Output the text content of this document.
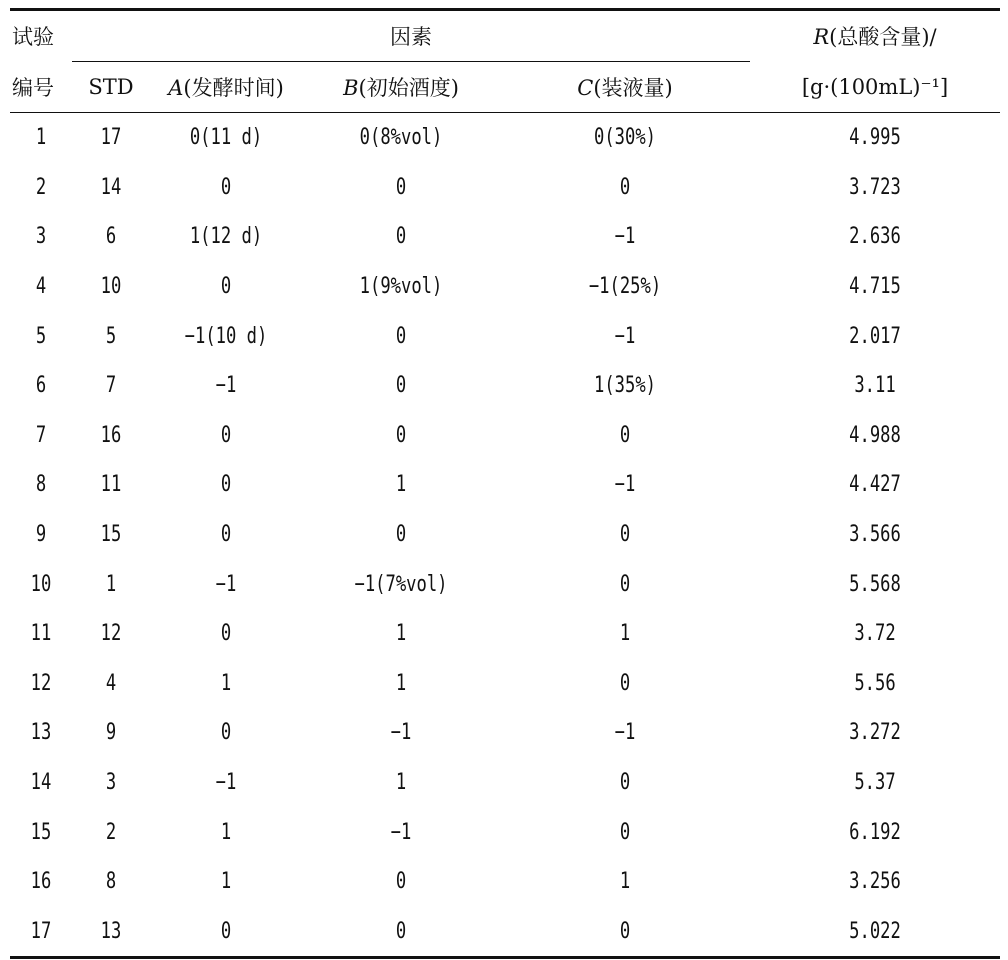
试验	因素				R(总酸含量)/
编号	STD	A(发酵时间)	B(初始酒度)	C(装液量)	[g·(100mL)⁻¹]
1	17	0(11 d)	0(8%vol)	0(30%)	4.995
2	14	0	0	0	3.723
3	6	1(12 d)	0	−1	2.636
4	10	0	1(9%vol)	−1(25%)	4.715
5	5	−1(10 d)	0	−1	2.017
6	7	−1	0	1(35%)	3.11
7	16	0	0	0	4.988
8	11	0	1	−1	4.427
9	15	0	0	0	3.566
10	1	−1	−1(7%vol)	0	5.568
11	12	0	1	1	3.72
12	4	1	1	0	5.56
13	9	0	−1	−1	3.272
14	3	−1	1	0	5.37
15	2	1	−1	0	6.192
16	8	1	0	1	3.256
17	13	0	0	0	5.022
